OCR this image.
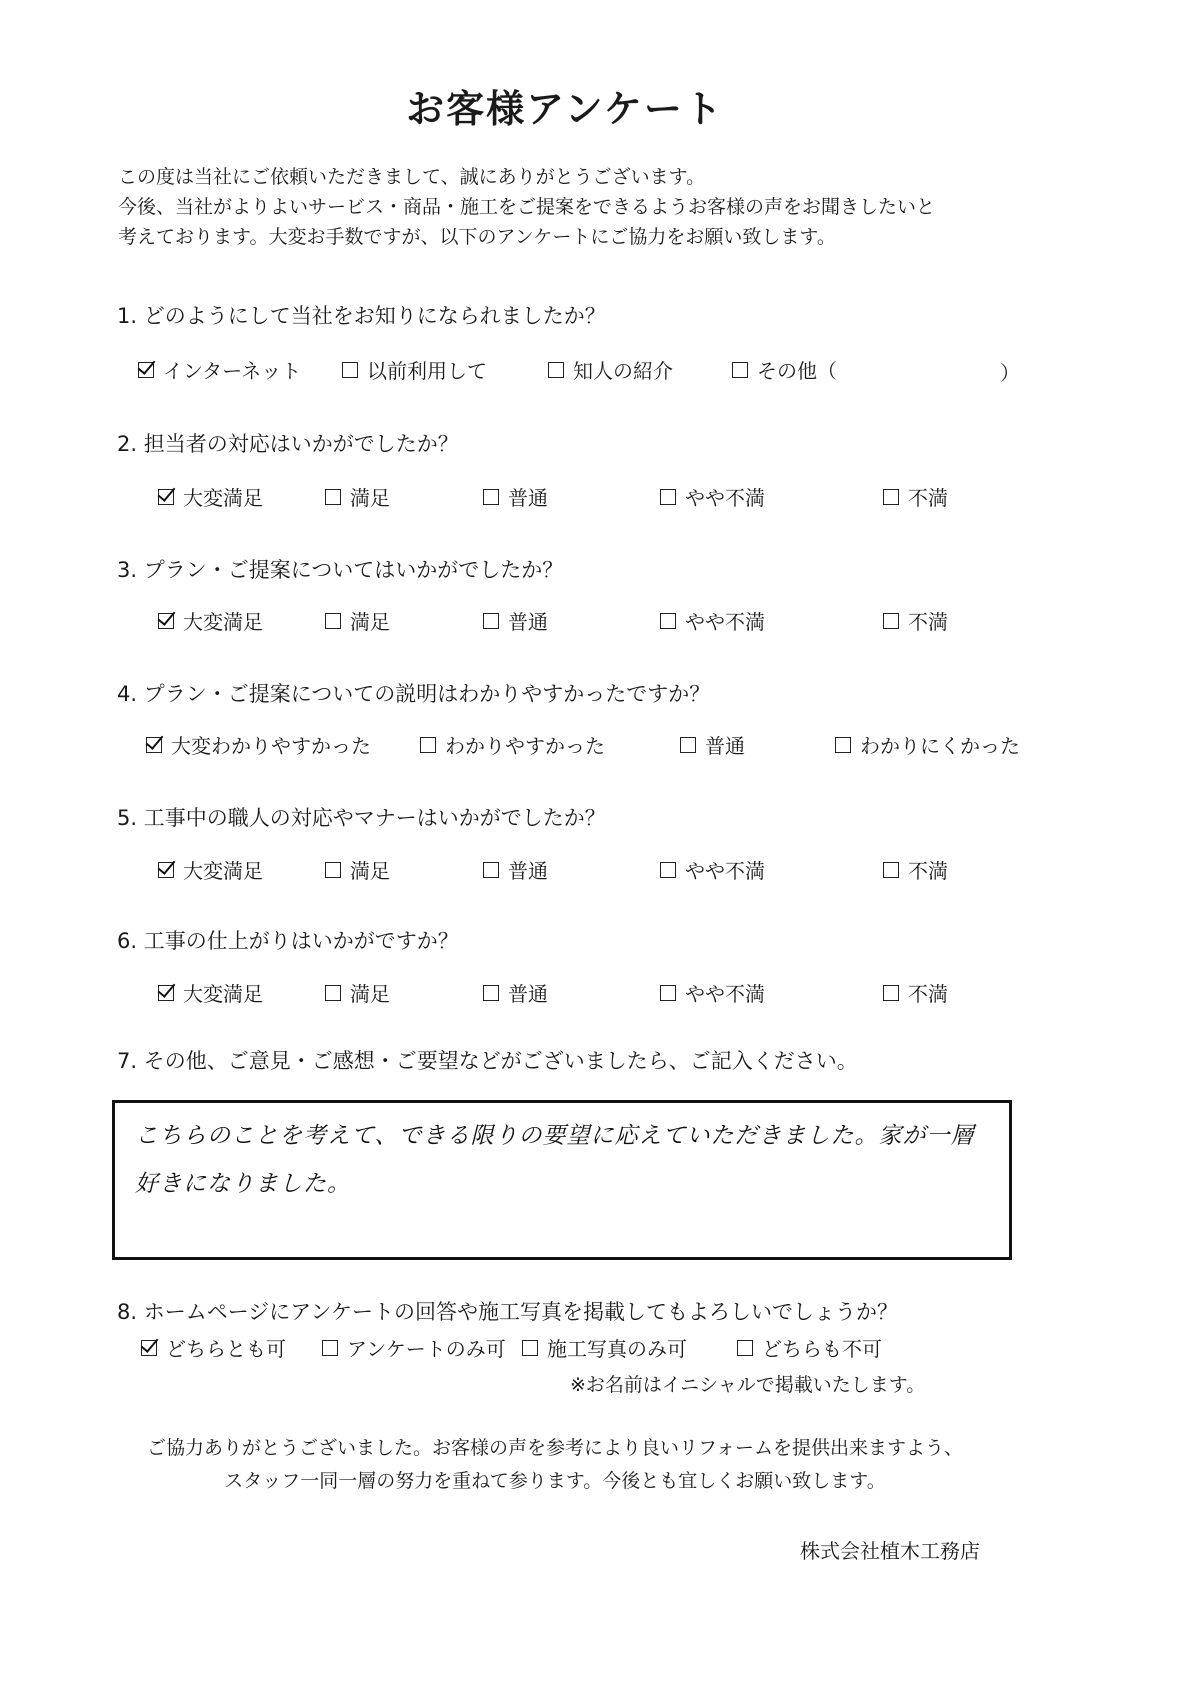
お客様アンケート
この度は当社にご依頼いただきまして、誠にありがとうございます。
今後、当社がよりよいサービス・商品・施工をご提案をできるようお客様の声をお聞きしたいと
考えております。大変お手数ですが、以下のアンケートにご協力をお願い致します。
1. どのようにして当社をお知りになられましたか？
インターネット	以前利用して	知人の紹介	その他（	）
2. 担当者の対応はいかがでしたか？
大変満足	満足	普通	やや不満	不満
3. プラン・ご提案についてはいかがでしたか？
大変満足	満足	普通	やや不満	不満
4. プラン・ご提案についての説明はわかりやすかったですか？
大変わかりやすかった	わかりやすかった	普通	わかりにくかった
5. 工事中の職人の対応やマナーはいかがでしたか？
大変満足	満足	普通	やや不満	不満
6. 工事の仕上がりはいかがですか？
大変満足	満足	普通	やや不満	不満
7. その他、ご意見・ご感想・ご要望などがございましたら、ご記入ください。
こちらのことを考えて、できる限りの要望に応えていただきました。家が一層
好きになりました。
8. ホームページにアンケートの回答や施工写真を掲載してもよろしいでしょうか？
どちらとも可	アンケートのみ可 施工写真のみ可	どちらも不可
※お名前はイニシャルで掲載いたします。
ご協力ありがとうございました。お客様の声を参考により良いリフォームを提供出来ますよう、
スタッフ一同一層の努力を重ねて参ります。今後とも宜しくお願い致します。
株式会社植木工務店
